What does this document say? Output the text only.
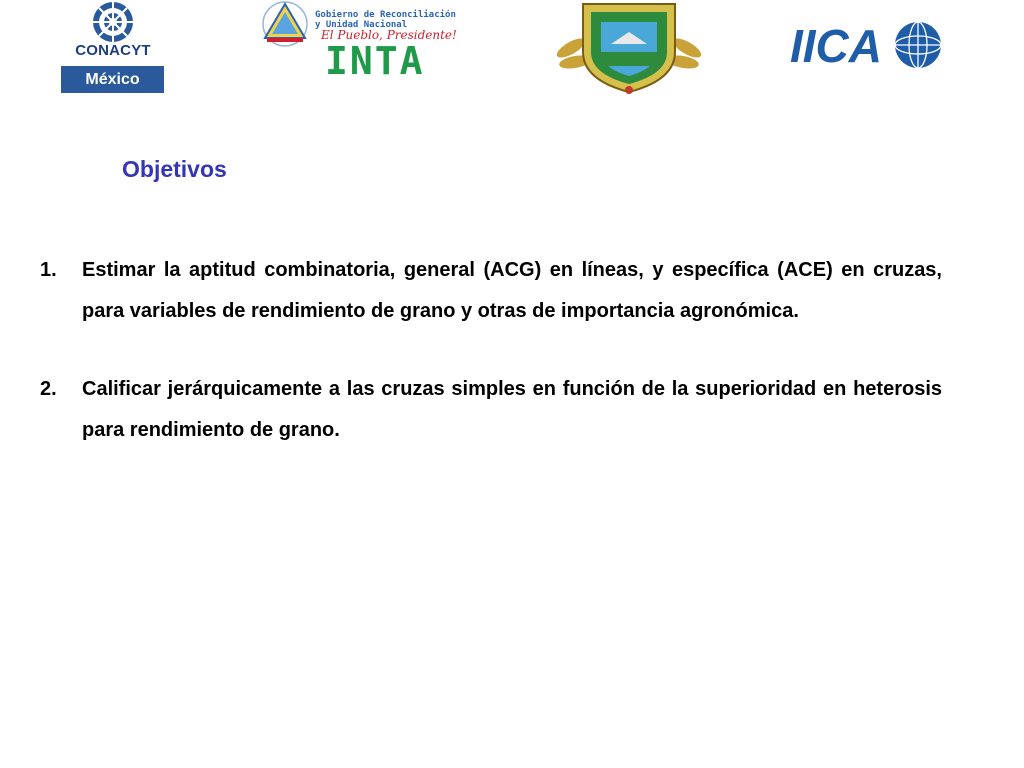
CONACYT
México
Gobierno de Reconciliación
y Unidad Nacional
El Pueblo, Presidente!
INTA	IICA
Objetivos
1. Estimar la aptitud combinatoria, general (ACG) en líneas, y específica (ACE) en cruzas, para variables de rendimiento de grano y otras de importancia agronómica.
2. Calificar jerárquicamente a las cruzas simples en función de la superioridad en heterosis para rendimiento de grano.
